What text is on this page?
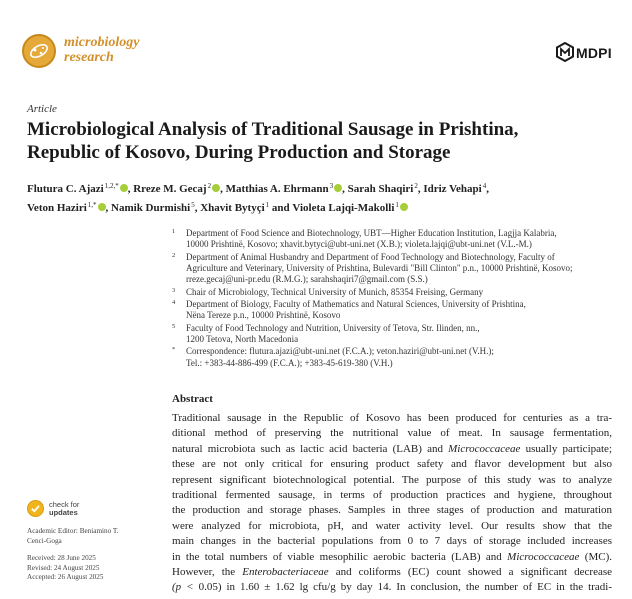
microbiology
research	MDPI
Article
Microbiological Analysis of Traditional Sausage in Prishtina,
Republic of Kosovo, During Production and Storage
Flutura C. Ajazi$^{1,2,*}$ , Rreze M. Gecaj$^2$ , Matthias A. Ehrmann$^3$ , Sarah Shaqiri$^2$, Idriz Vehapi$^4$,
Veton Haziri$^{1,*}$ , Namik Durmishi$^5$, Xhavit Bytyçi$^1$ and Violeta Lajqi-Makolli$^1$
1 Department of Food Science and Biotechnology, UBT—Higher Education Institution, Lagjja Kalabria,
10000 Prishtinë, Kosovo; xhavit.bytyci@ubt-uni.net (X.B.); violeta.lajqi@ubt-uni.net (V.L.-M.)
2 Department of Animal Husbandry and Department of Food Technology and Biotechnology, Faculty of
Agriculture and Veterinary, University of Prishtina, Bulevardi "Bill Clinton" p.n., 10000 Prishtinë, Kosovo;
rreze.gecaj@uni-pr.edu (R.M.G.); sarahshaqiri7@gmail.com (S.S.)
3 Chair of Microbiology, Technical University of Munich, 85354 Freising, Germany
4 Department of Biology, Faculty of Mathematics and Natural Sciences, University of Prishtina,
Nëna Tereze p.n., 10000 Prishtinë, Kosovo
5 Faculty of Food Technology and Nutrition, University of Tetova, Str. Ilinden, nn.,
1200 Tetova, North Macedonia
* Correspondence: flutura.ajazi@ubt-uni.net (F.C.A.); veton.haziri@ubt-uni.net (V.H.);
Tel.: +383-44-886-499 (F.C.A.); +383-45-619-380 (V.H.)
Abstract
Traditional sausage in the Republic of Kosovo has been produced for centuries as a tra-
ditional method of preserving the nutritional value of meat. In sausage fermentation,
natural microbiota such as lactic acid bacteria (LAB) and Micrococcaceae usually participate;
these are not only critical for ensuring product safety and flavor development but also
represent significant biotechnological potential. The purpose of this study was to analyze
traditional fermented sausage, in terms of production practices and hygiene, throughout
the production and storage phases. Samples in three stages of production and maturation
were analyzed for microbiota, pH, and water activity level. Our results show that the
main changes in the bacterial populations from 0 to 7 days of storage included increases
in the total numbers of viable mesophilic aerobic bacteria (LAB) and Micrococcaceae (MC).
However, the Enterobacteriaceae and coliforms (EC) count showed a significant decrease
(p < 0.05) in 1.60 ± 1.62 lg cfu/g by day 14. In conclusion, the number of EC in the tradi-
check for
updates
Academic Editor: Beniamino T.
Cenci-Goga
Received: 28 June 2025
Revised: 24 August 2025
Accepted: 26 August 2025
